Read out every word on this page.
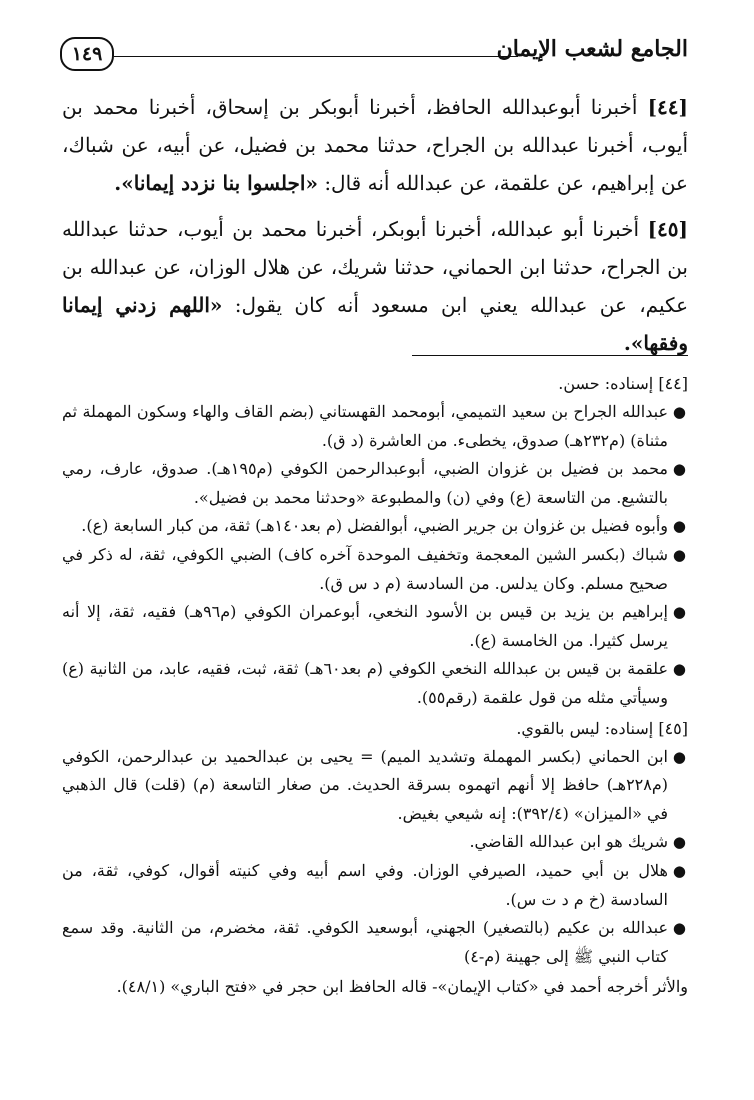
الجامع لشعب الإيمان
١٤٩

[٤٤] أخبرنا أبوعبدالله الحافظ، أخبرنا أبوبكر بن إسحاق، أخبرنا محمد بن أيوب، أخبرنا عبدالله بن الجراح، حدثنا محمد بن فضيل، عن أبيه، عن شباك، عن إبراهيم، عن علقمة، عن عبدالله أنه قال: «اجلسوا بنا نزدد إيمانا».

[٤٥] أخبرنا أبو عبدالله، أخبرنا أبوبكر، أخبرنا محمد بن أيوب، حدثنا عبدالله بن الجراح، حدثنا ابن الحماني، حدثنا شريك، عن هلال الوزان، عن عبدالله بن عكيم، عن عبدالله يعني ابن مسعود أنه كان يقول: «اللهم زدني إيمانا وفقها».

[٤٤] إسناده: حسن.

●
عبدالله الجراح بن سعيد التميمي، أبومحمد القهستاني (بضم القاف والهاء وسكون المهملة ثم مثناة) (م٢٣٢هـ) صدوق، يخطىء. من العاشرة (د ق).
●
محمد بن فضيل بن غزوان الضبي، أبوعبدالرحمن الكوفي (م١٩٥هـ). صدوق، عارف، رمي بالتشيع. من التاسعة (ع) وفي (ن) والمطبوعة «وحدثنا محمد بن فضيل».
●
وأبوه فضيل بن غزوان بن جرير الضبي، أبوالفضل (م بعد١٤٠هـ) ثقة، من كبار السابعة (ع).
●
شباك (بكسر الشين المعجمة وتخفيف الموحدة آخره كاف) الضبي الكوفي، ثقة، له ذكر في صحيح مسلم. وكان يدلس. من السادسة (م د س ق).
●
إبراهيم بن يزيد بن قيس بن الأسود النخعي، أبوعمران الكوفي (م٩٦هـ) فقيه، ثقة، إلا أنه يرسل كثيرا. من الخامسة (ع).
●
علقمة بن قيس بن عبدالله النخعي الكوفي (م بعد٦٠هـ) ثقة، ثبت، فقيه، عابد، من الثانية (ع) وسيأتي مثله من قول علقمة (رقم٥٥).

[٤٥] إسناده: ليس بالقوي.

●
ابن الحماني (بكسر المهملة وتشديد الميم) = يحيى بن عبدالحميد بن عبدالرحمن، الكوفي (م٢٢٨هـ) حافظ إلا أنهم اتهموه بسرقة الحديث. من صغار التاسعة (م) (قلت) قال الذهبي في «الميزان» (٣٩٢/٤): إنه شيعي بغيض.
●
شريك هو ابن عبدالله القاضي.
●
هلال بن أبي حميد، الصيرفي الوزان. وفي اسم أبيه وفي كنيته أقوال، كوفي، ثقة، من السادسة (خ م د ت س).
●
عبدالله بن عكيم (بالتصغير) الجهني، أبوسعيد الكوفي. ثقة، مخضرم، من الثانية. وقد سمع كتاب النبي ﷺ إلى جهينة (م-٤)

والأثر أخرجه أحمد في «كتاب الإيمان»- قاله الحافظ ابن حجر في «فتح الباري» (٤٨/١).
